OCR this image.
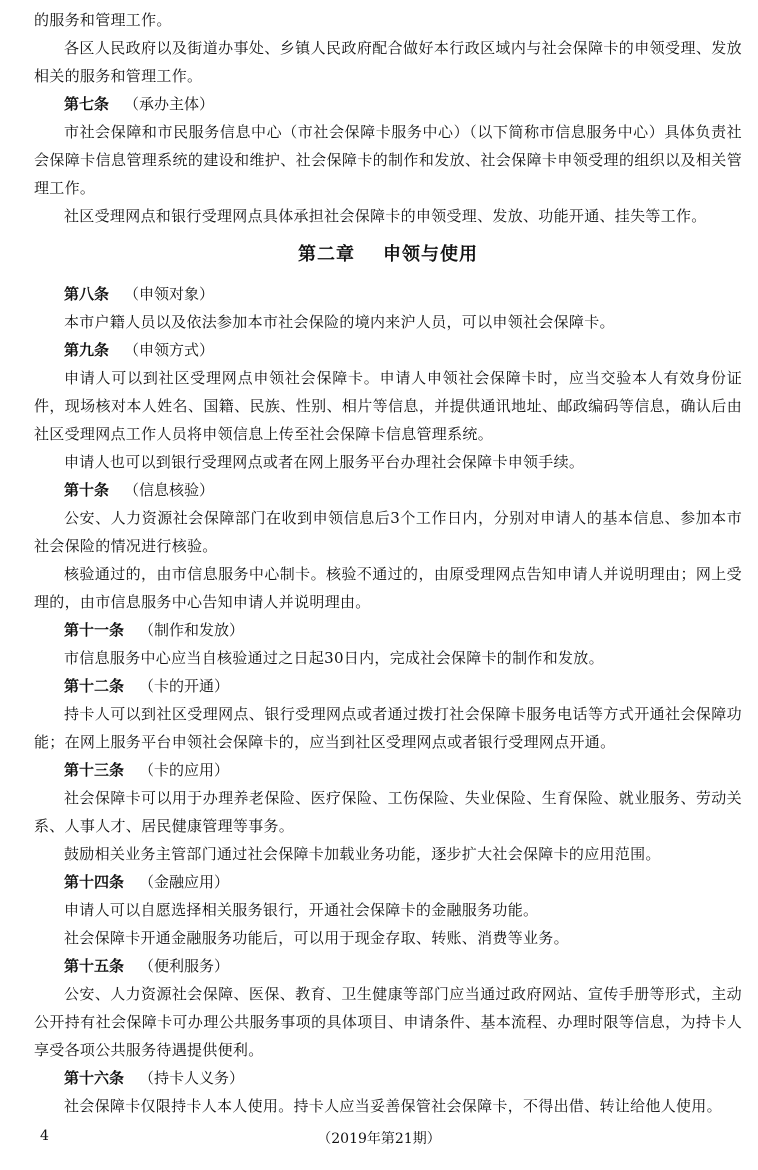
的服务和管理工作。

各区人民政府以及街道办事处、乡镇人民政府配合做好本行政区域内与社会保障卡的申领受理、发放相关的服务和管理工作。

第七条 （承办主体）

市社会保障和市民服务信息中心（市社会保障卡服务中心）（以下简称市信息服务中心）具体负责社会保障卡信息管理系统的建设和维护、社会保障卡的制作和发放、社会保障卡申领受理的组织以及相关管理工作。

社区受理网点和银行受理网点具体承担社会保障卡的申领受理、发放、功能开通、挂失等工作。

第二章 申领与使用

第八条 （申领对象）

本市户籍人员以及依法参加本市社会保险的境内来沪人员，可以申领社会保障卡。

第九条 （申领方式）

申请人可以到社区受理网点申领社会保障卡。申请人申领社会保障卡时，应当交验本人有效身份证件，现场核对本人姓名、国籍、民族、性别、相片等信息，并提供通讯地址、邮政编码等信息，确认后由社区受理网点工作人员将申领信息上传至社会保障卡信息管理系统。

申请人也可以到银行受理网点或者在网上服务平台办理社会保障卡申领手续。

第十条 （信息核验）

公安、人力资源社会保障部门在收到申领信息后3个工作日内，分别对申请人的基本信息、参加本市社会保险的情况进行核验。

核验通过的，由市信息服务中心制卡。核验不通过的，由原受理网点告知申请人并说明理由；网上受理的，由市信息服务中心告知申请人并说明理由。

第十一条 （制作和发放）

市信息服务中心应当自核验通过之日起30日内，完成社会保障卡的制作和发放。

第十二条 （卡的开通）

持卡人可以到社区受理网点、银行受理网点或者通过拨打社会保障卡服务电话等方式开通社会保障功能；在网上服务平台申领社会保障卡的，应当到社区受理网点或者银行受理网点开通。

第十三条 （卡的应用）

社会保障卡可以用于办理养老保险、医疗保险、工伤保险、失业保险、生育保险、就业服务、劳动关系、人事人才、居民健康管理等事务。

鼓励相关业务主管部门通过社会保障卡加载业务功能，逐步扩大社会保障卡的应用范围。

第十四条 （金融应用）

申请人可以自愿选择相关服务银行，开通社会保障卡的金融服务功能。

社会保障卡开通金融服务功能后，可以用于现金存取、转账、消费等业务。

第十五条 （便利服务）

公安、人力资源社会保障、医保、教育、卫生健康等部门应当通过政府网站、宣传手册等形式，主动公开持有社会保障卡可办理公共服务事项的具体项目、申请条件、基本流程、办理时限等信息，为持卡人享受各项公共服务待遇提供便利。

第十六条 （持卡人义务）

社会保障卡仅限持卡人本人使用。持卡人应当妥善保管社会保障卡，不得出借、转让给他人使用。

4	（2019年第21期）
